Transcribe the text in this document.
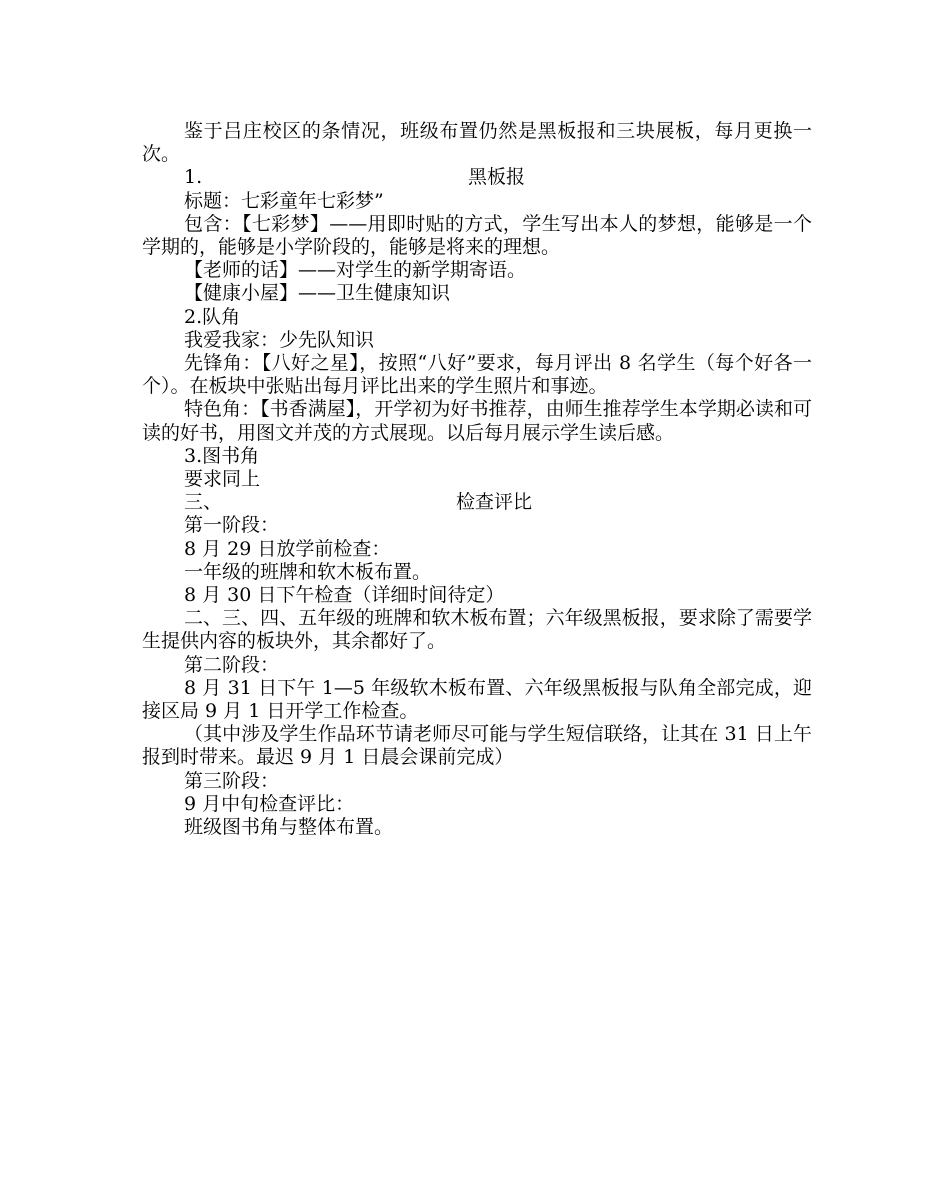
鉴于吕庄校区的条情况，班级布置仍然是黑板报和三块展板，每月更换一次。

1.	黑板报

标题：七彩童年七彩梦”

包含：【七彩梦】——用即时贴的方式，学生写出本人的梦想，能够是一个学期的，能够是小学阶段的，能够是将来的理想。

【老师的话】——对学生的新学期寄语。

【健康小屋】——卫生健康知识

2.队角

我爱我家：少先队知识

先锋角：【八好之星】，按照“八好”要求，每月评出 8 名学生（每个好各一个）。在板块中张贴出每月评比出来的学生照片和事迹。

特色角：【书香满屋】，开学初为好书推荐，由师生推荐学生本学期必读和可读的好书，用图文并茂的方式展现。以后每月展示学生读后感。

3.图书角

要求同上

三、	检查评比

第一阶段：

8 月 29 日放学前检查：

一年级的班牌和软木板布置。

8 月 30 日下午检查（详细时间待定）

二、三、四、五年级的班牌和软木板布置；六年级黑板报，要求除了需要学生提供内容的板块外，其余都好了。

第二阶段：

8 月 31 日下午 1—5 年级软木板布置、六年级黑板报与队角全部完成，迎接区局 9 月 1 日开学工作检查。

（其中涉及学生作品环节请老师尽可能与学生短信联络，让其在 31 日上午报到时带来。最迟 9 月 1 日晨会课前完成）

第三阶段：

9 月中旬检查评比：

班级图书角与整体布置。
